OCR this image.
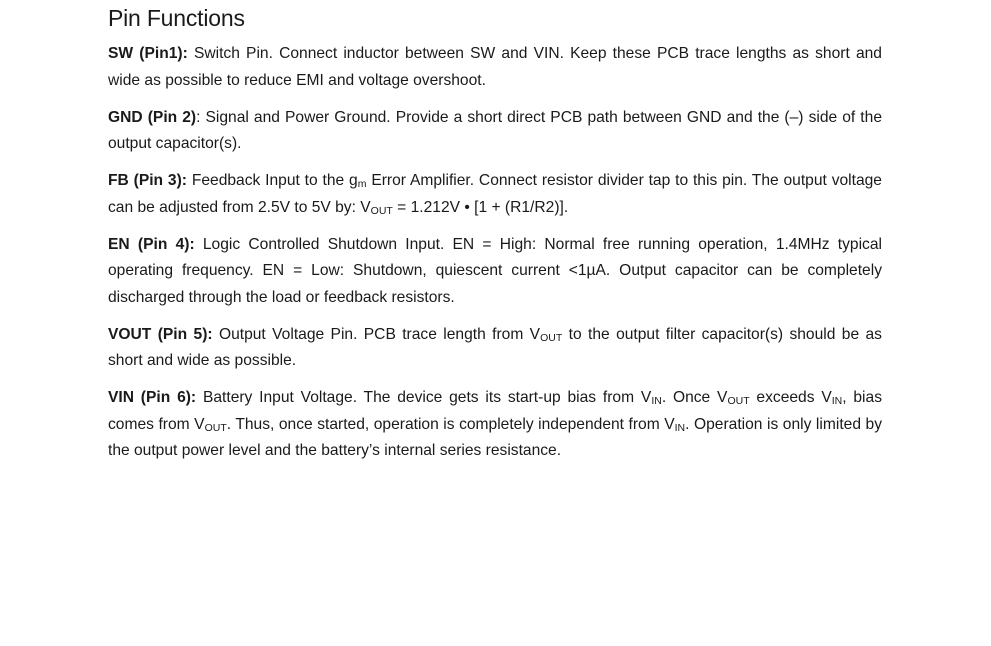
Pin Functions

SW (Pin1): Switch Pin. Connect inductor between SW and VIN. Keep these PCB trace lengths as short and wide as possible to reduce EMI and voltage overshoot.

GND (Pin 2): Signal and Power Ground. Provide a short direct PCB path between GND and the (–) side of the output capacitor(s).

FB (Pin 3): Feedback Input to the $g_m$ Error Amplifier. Connect resistor divider tap to this pin. The output voltage can be adjusted from 2.5V to 5V by: $V_{OUT} = 1.212V$ • [1 + (R1/R2)].

EN (Pin 4): Logic Controlled Shutdown Input. EN = High: Normal free running operation, 1.4MHz typical operating frequency. EN = Low: Shutdown, quiescent current <1µA. Output capacitor can be completely discharged through the load or feedback resistors.

VOUT (Pin 5): Output Voltage Pin. PCB trace length from $V_{OUT}$ to the output filter capacitor(s) should be as short and wide as possible.

VIN (Pin 6): Battery Input Voltage. The device gets its start-up bias from $V_{IN}$. Once $V_{OUT}$ exceeds $V_{IN}$, bias comes from $V_{OUT}$. Thus, once started, operation is completely independent from $V_{IN}$. Operation is only limited by the output power level and the battery’s internal series resistance.
